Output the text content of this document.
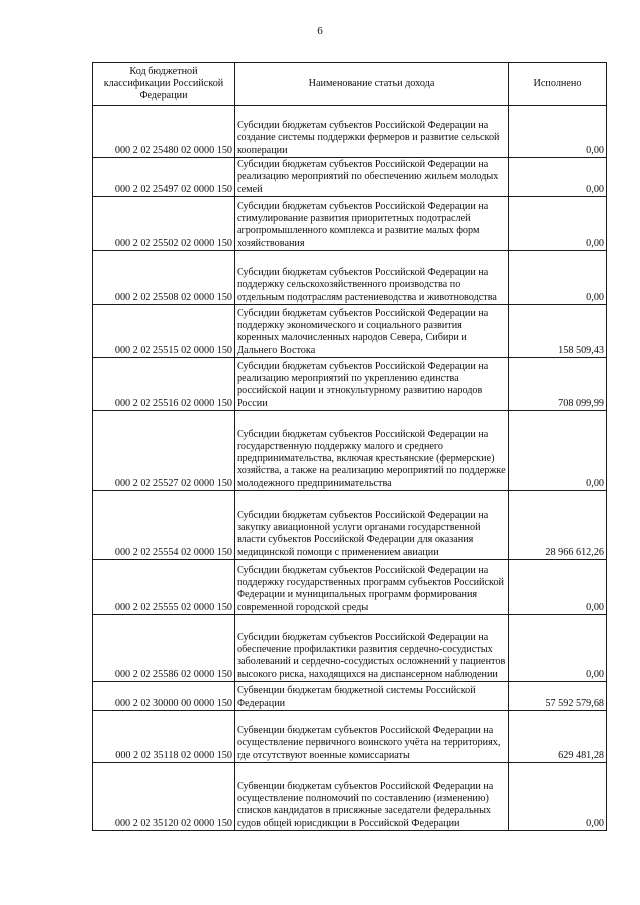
6
Код бюджетной классификации Российской Федерации	Наименование статьи дохода	Исполнено
000 2 02 25480 02 0000 150	Субсидии бюджетам субъектов Российской Федерации на создание системы поддержки фермеров и развитие сельской кооперации	0,00
000 2 02 25497 02 0000 150	Субсидии бюджетам субъектов Российской Федерации на реализацию мероприятий по обеспечению жильем молодых семей	0,00
000 2 02 25502 02 0000 150	Субсидии бюджетам субъектов Российской Федерации на стимулирование развития приоритетных подотраслей агропромышленного комплекса и развитие малых форм хозяйствования	0,00
000 2 02 25508 02 0000 150	Субсидии бюджетам субъектов Российской Федерации на поддержку сельскохозяйственного производства по отдельным подотраслям растениеводства и животноводства	0,00
000 2 02 25515 02 0000 150	Субсидии бюджетам субъектов Российской Федерации на поддержку экономического и социального развития коренных малочисленных народов Севера, Сибири и Дальнего Востока	158 509,43
000 2 02 25516 02 0000 150	Субсидии бюджетам субъектов Российской Федерации на реализацию мероприятий по укреплению единства российской нации и этнокультурному развитию народов России	708 099,99
000 2 02 25527 02 0000 150	Субсидии бюджетам субъектов Российской Федерации на государственную поддержку малого и среднего предпринимательства, включая крестьянские (фермерские) хозяйства, а также на реализацию мероприятий по поддержке молодежного предпринимательства	0,00
000 2 02 25554 02 0000 150	Субсидии бюджетам субъектов Российской Федерации на закупку авиационной услуги органами государственной власти субъектов Российской Федерации для оказания медицинской помощи с применением авиации	28 966 612,26
000 2 02 25555 02 0000 150	Субсидии бюджетам субъектов Российской Федерации на поддержку государственных программ субъектов Российской Федерации и муниципальных программ формирования современной городской среды	0,00
000 2 02 25586 02 0000 150	Субсидии бюджетам субъектов Российской Федерации на обеспечение профилактики развития сердечно-сосудистых заболеваний и сердечно-сосудистых осложнений у пациентов высокого риска, находящихся на диспансерном наблюдении	0,00
000 2 02 30000 00 0000 150	Субвенции бюджетам бюджетной системы Российской Федерации	57 592 579,68
000 2 02 35118 02 0000 150	Субвенции бюджетам субъектов Российской Федерации на осуществление первичного воинского учёта на территориях, где отсутствуют военные комиссариаты	629 481,28
000 2 02 35120 02 0000 150	Субвенции бюджетам субъектов Российской Федерации на осуществление полномочий по составлению (изменению) списков кандидатов в присяжные заседатели федеральных судов общей юрисдикции в Российской Федерации	0,00
